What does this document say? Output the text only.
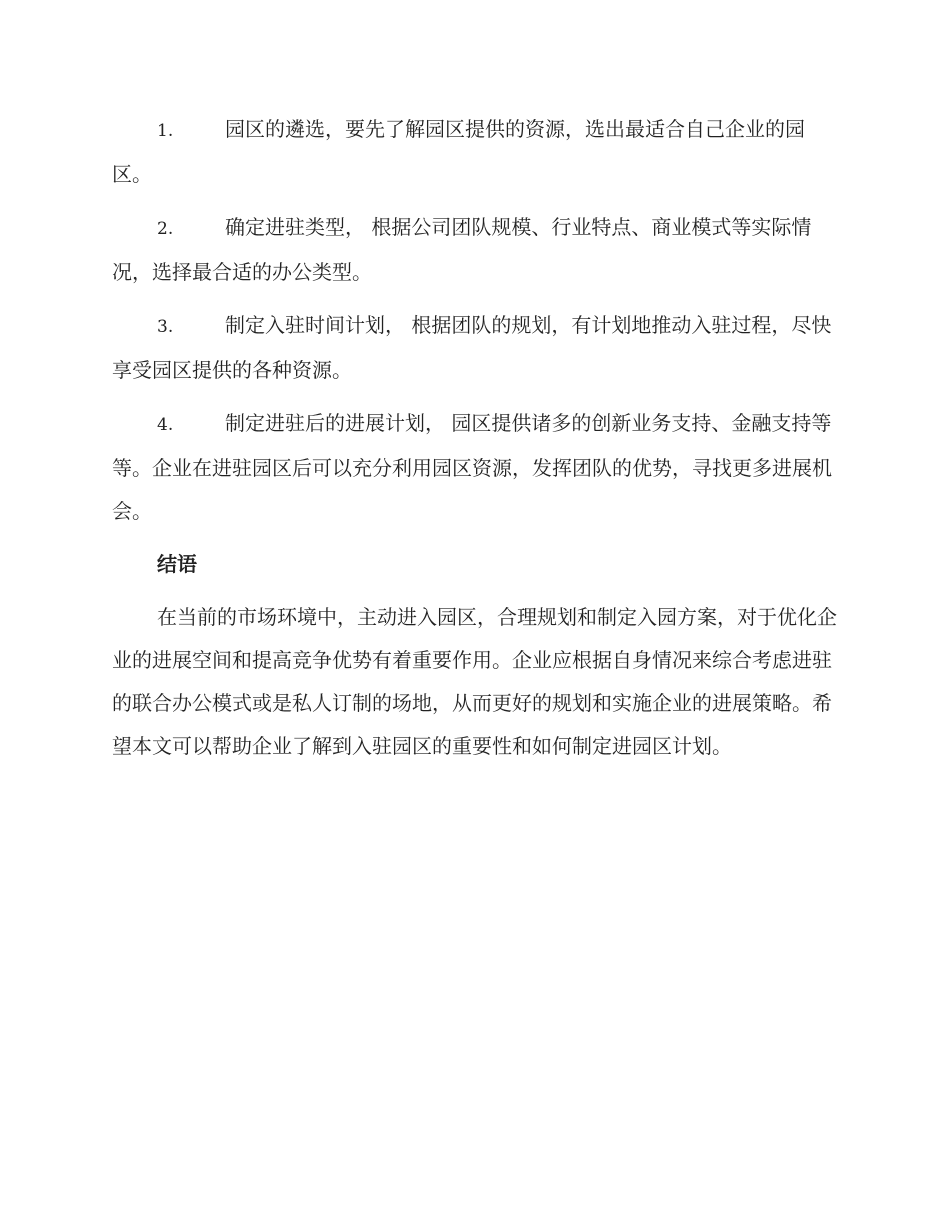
1.	园区的遴选，要先了解园区提供的资源，选出最适合自己企业的园区。

2.	确定进驻类型， 根据公司团队规模、行业特点、商业模式等实际情况，选择最合适的办公类型。

3.	制定入驻时间计划， 根据团队的规划，有计划地推动入驻过程，尽快享受园区提供的各种资源。

4.	制定进驻后的进展计划， 园区提供诸多的创新业务支持、金融支持等等。企业在进驻园区后可以充分利用园区资源，发挥团队的优势，寻找更多进展机会。

结语

在当前的市场环境中，主动进入园区，合理规划和制定入园方案，对于优化企业的进展空间和提高竞争优势有着重要作用。企业应根据自身情况来综合考虑进驻的联合办公模式或是私人订制的场地，从而更好的规划和实施企业的进展策略。希望本文可以帮助企业了解到入驻园区的重要性和如何制定进园区计划。
